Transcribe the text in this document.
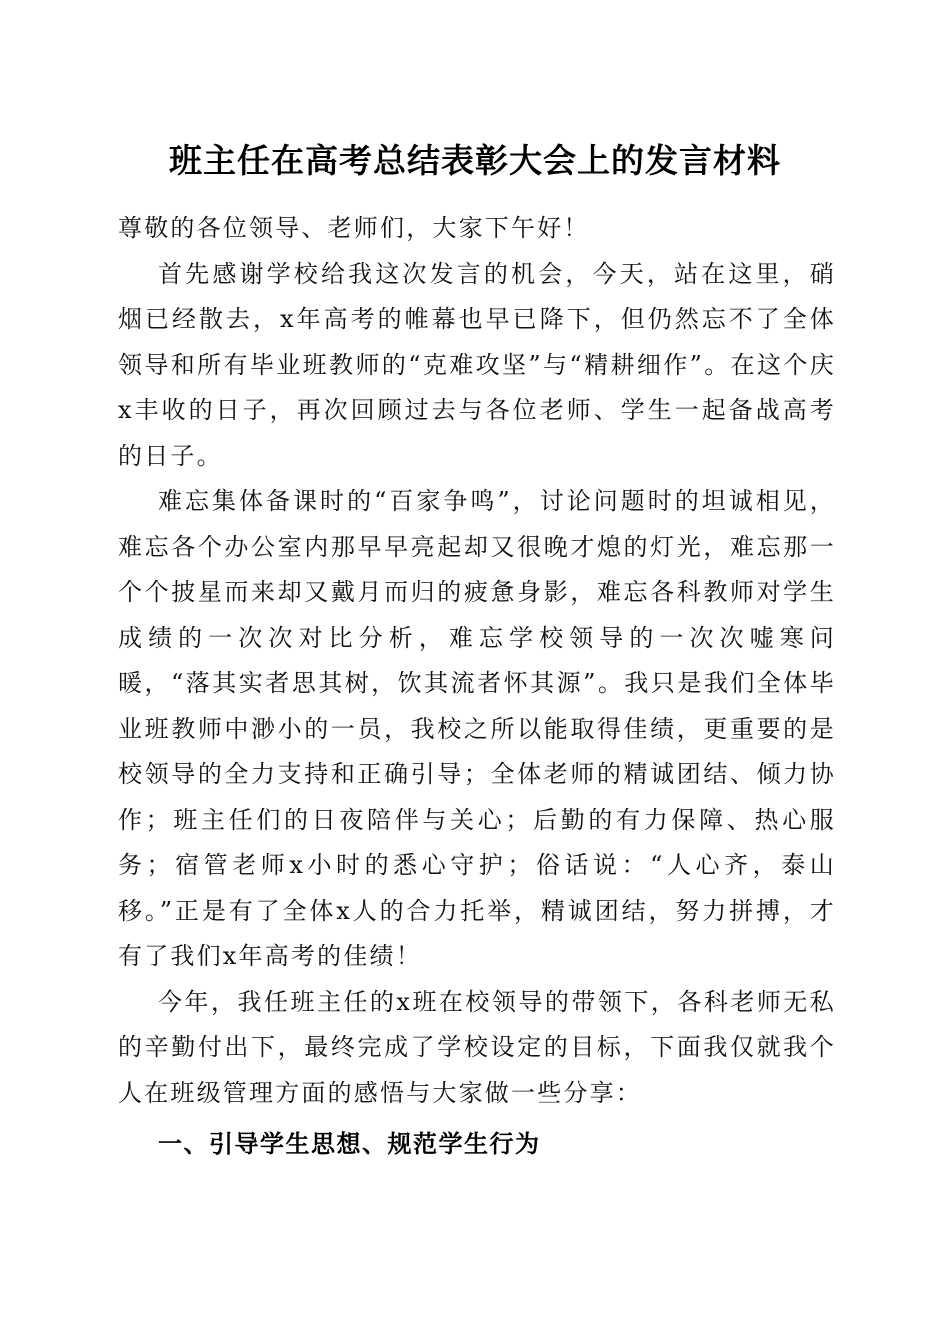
班主任在高考总结表彰大会上的发言材料

尊敬的各位领导、老师们，大家下午好！

首先感谢学校给我这次发言的机会，今天，站在这里，硝烟已经散去，x年高考的帷幕也早已降下，但仍然忘不了全体领导和所有毕业班教师的“克难攻坚”与“精耕细作”。在这个庆x丰收的日子，再次回顾过去与各位老师、学生一起备战高考的日子。

难忘集体备课时的“百家争鸣”，讨论问题时的坦诚相见，难忘各个办公室内那早早亮起却又很晚才熄的灯光，难忘那一个个披星而来却又戴月而归的疲惫身影，难忘各科教师对学生成绩的一次次对比分析，难忘学校领导的一次次嘘寒问暖，“落其实者思其树，饮其流者怀其源”。我只是我们全体毕业班教师中渺小的一员，我校之所以能取得佳绩，更重要的是校领导的全力支持和正确引导；全体老师的精诚团结、倾力协作；班主任们的日夜陪伴与关心；后勤的有力保障、热心服务；宿管老师x小时的悉心守护；俗话说：“人心齐，泰山移。”正是有了全体x人的合力托举，精诚团结，努力拼搏，才有了我们x年高考的佳绩！

今年，我任班主任的x班在校领导的带领下，各科老师无私的辛勤付出下，最终完成了学校设定的目标，下面我仅就我个人在班级管理方面的感悟与大家做一些分享：

一、引导学生思想、规范学生行为
